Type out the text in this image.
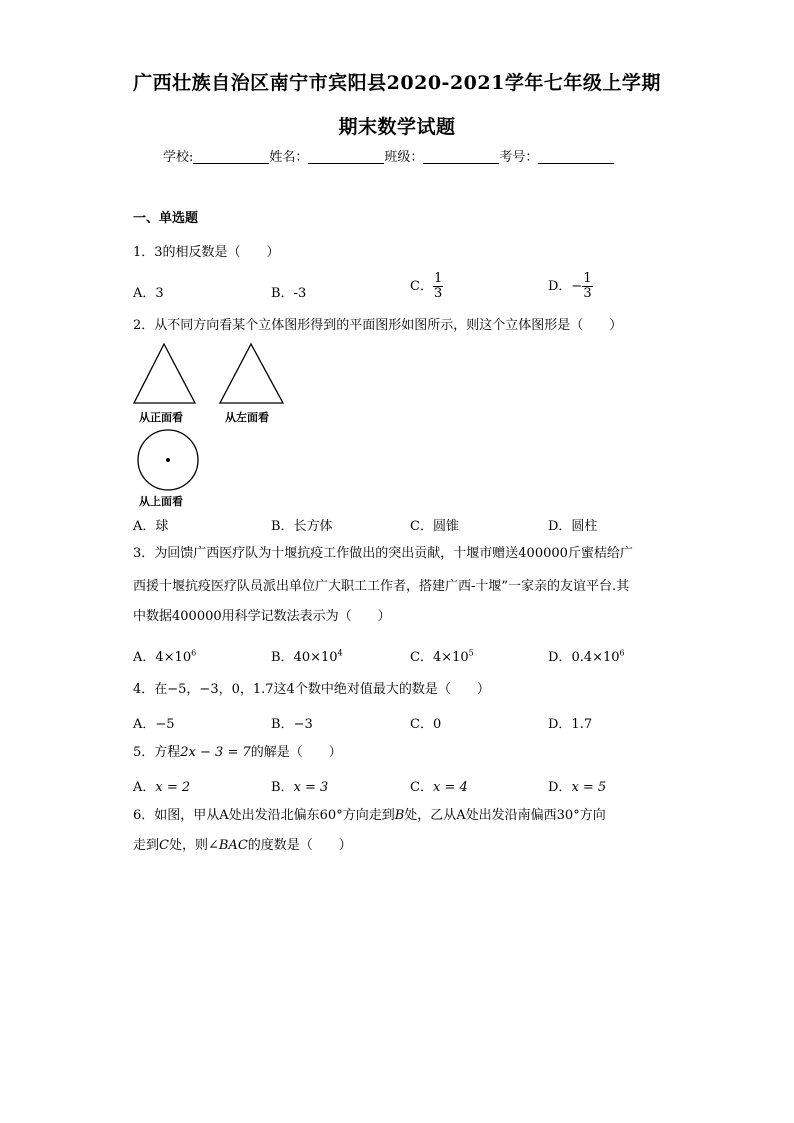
广西壮族自治区南宁市宾阳县2020-2021学年七年级上学期
期末数学试题
学校:	姓名：	班级：	考号：
一、单选题
1．3的相反数是（　　）
A．3	B．-3	C． $\frac{1}{3}$	D．− $\frac{1}{3}$
2．从不同方向看某个立体图形得到的平面图形如图所示，则这个立体图形是（　　）
从正面看	从左面看
从上面看
A．球	B．长方体	C．圆锥	D．圆柱
3．为回馈广西医疗队为十堰抗疫工作做出的突出贡献，十堰市赠送400000斤蜜桔给广
西援十堰抗疫医疗队员派出单位广大职工工作者，搭建广西-十堰”一家亲的友谊平台.其
中数据400000用科学记数法表示为（　　）
A．$4\times 10^6$	B．$40\times 10^4$	C．$4\times 10^5$	D．$0.4\times 10^6$
4．在−5，−3，0，1.7这4个数中绝对值最大的数是（　　）
A．−5	B．−3	C．0	D．1.7
5．方程2x − 3 = 7的解是（　　）
A．x = 2	B．x = 3	C．x = 4	D．x = 5
6．如图，甲从A处出发沿北偏东60°方向走到B处，乙从A处出发沿南偏西30°方向
走到C处，则∠BAC的度数是（　　）
